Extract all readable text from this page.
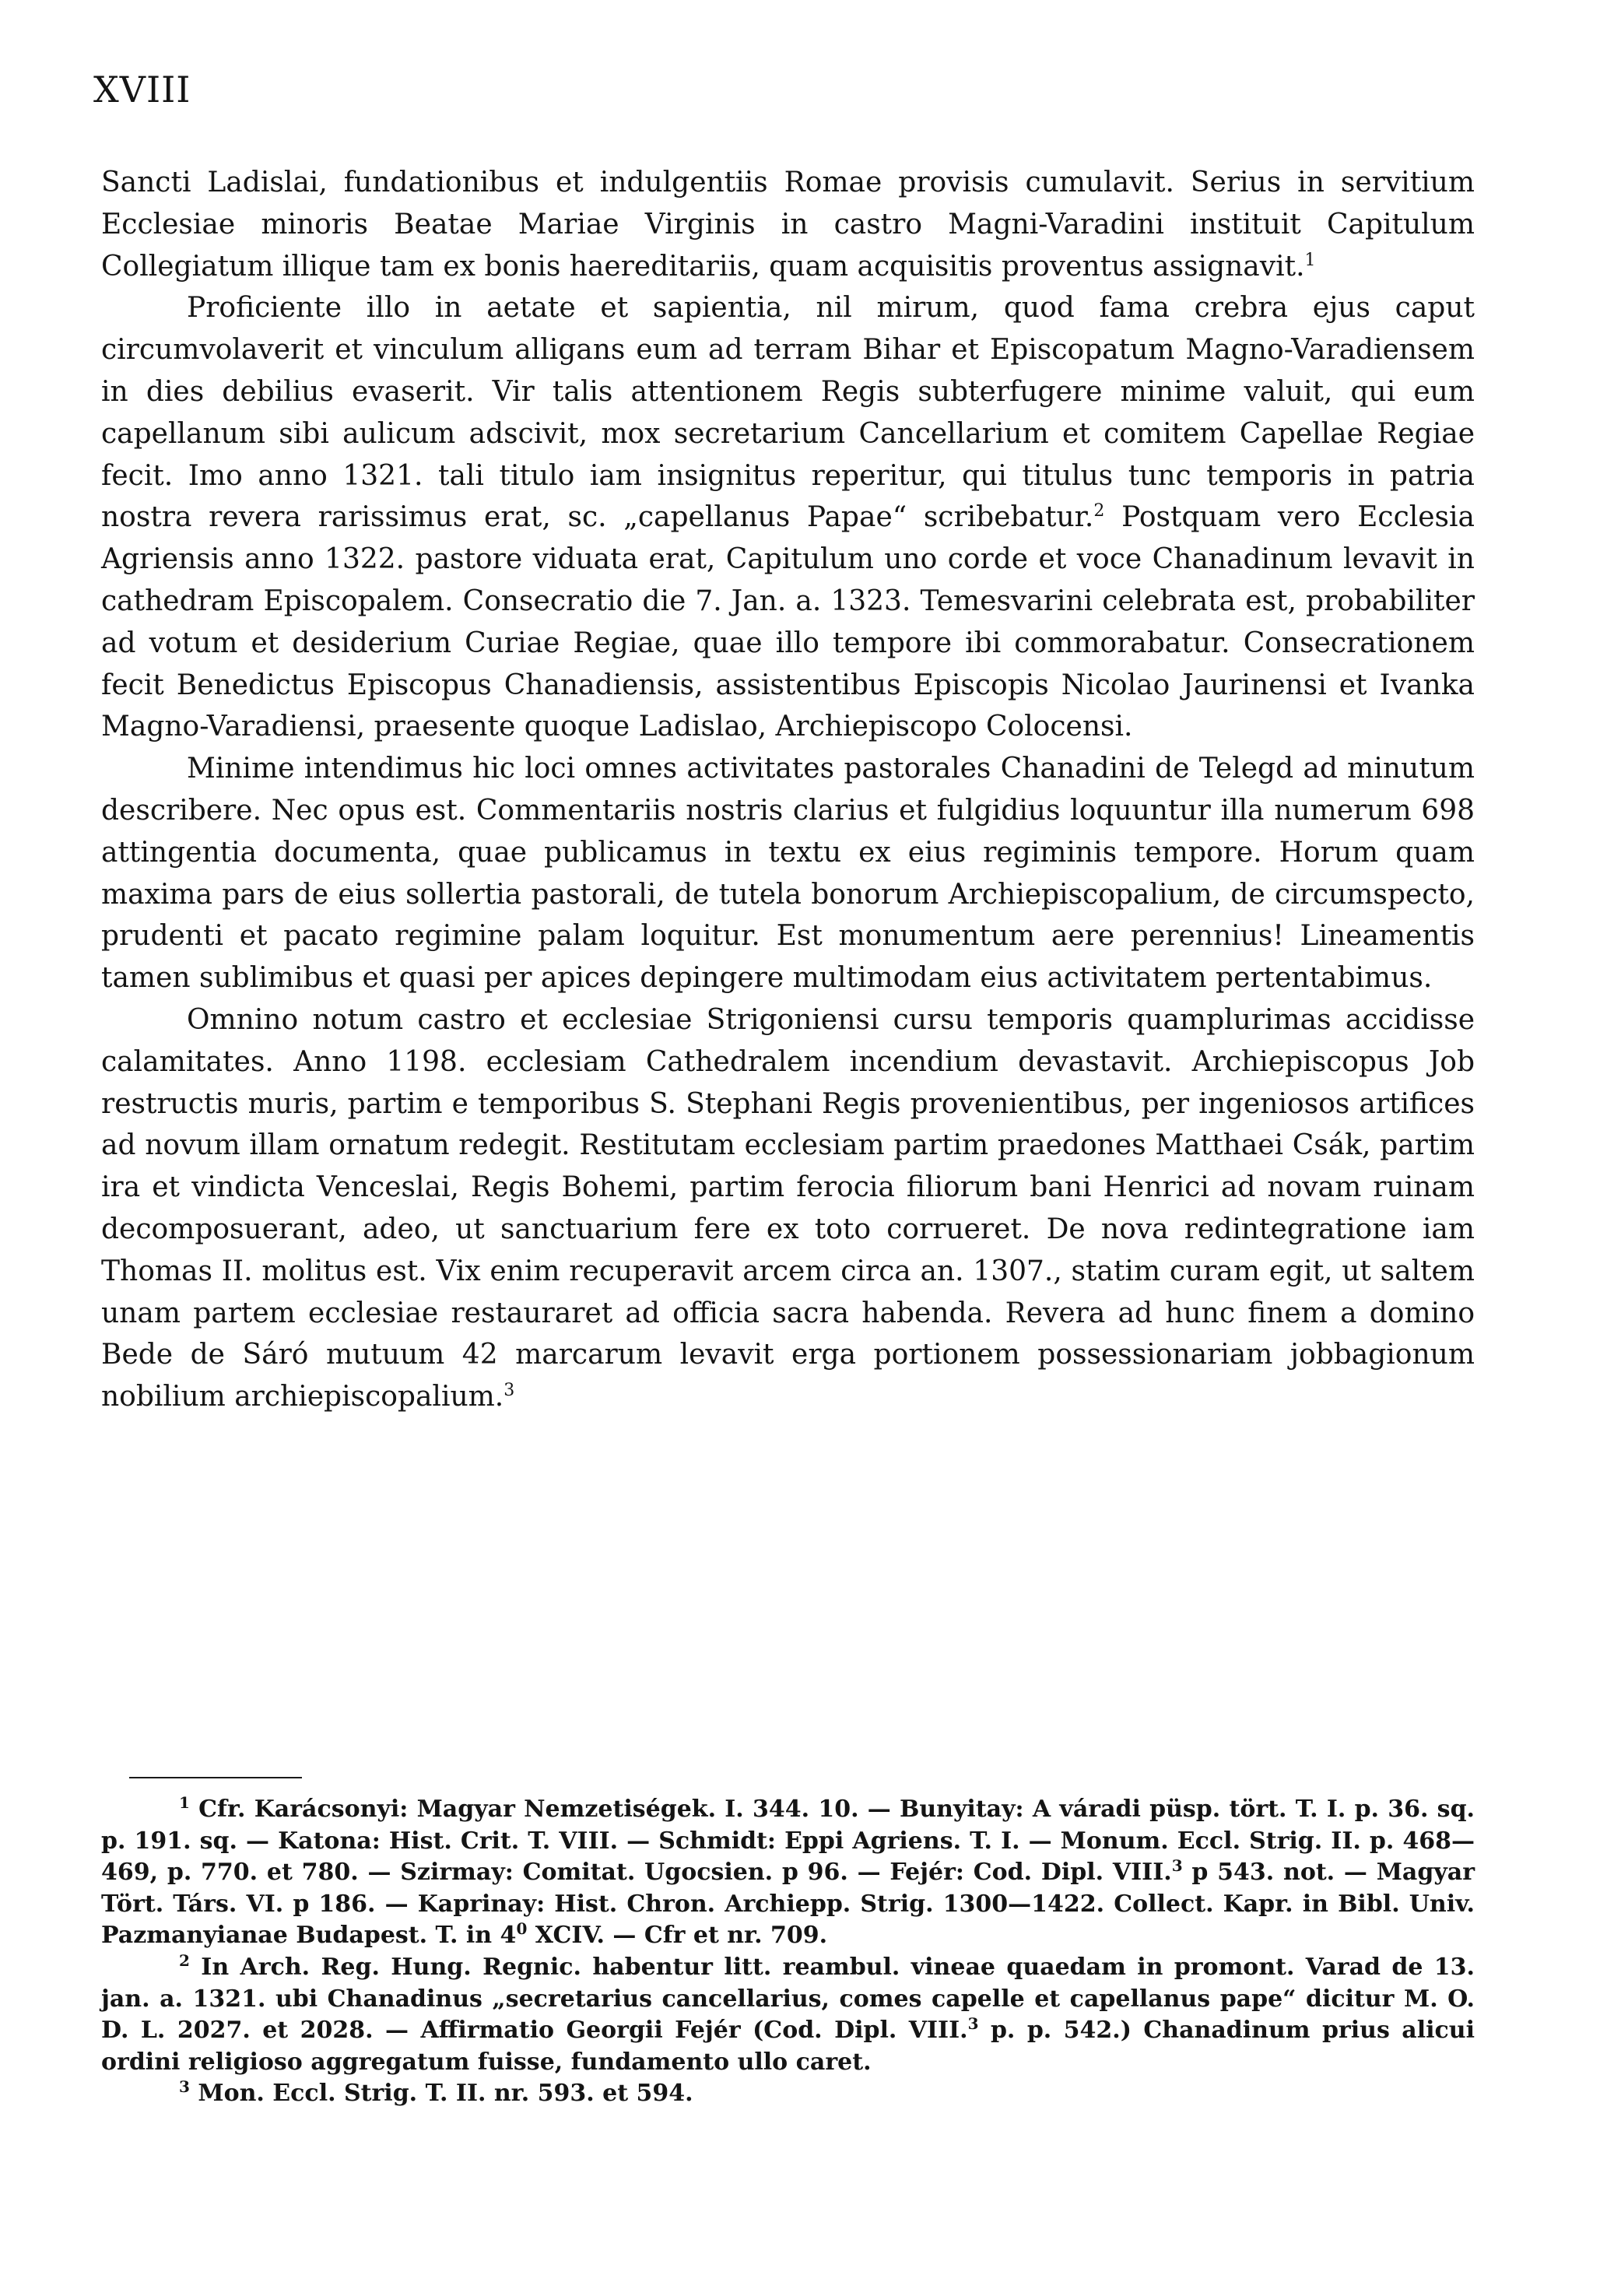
XVIII

Sancti Ladislai, fundationibus et indulgentiis Romae provisis cumulavit. Serius in servitium Ecclesiae minoris Beatae Mariae Virginis in castro Magni-Varadini instituit Capitulum Collegiatum illique tam ex bonis haereditariis, quam acquisitis proventus assignavit.$^1$

Proficiente illo in aetate et sapientia, nil mirum, quod fama crebra ejus caput circumvolaverit et vinculum alligans eum ad terram Bihar et Episcopatum Magno-Varadiensem in dies debilius evaserit. Vir talis attentionem Regis subterfugere minime valuit, qui eum capellanum sibi aulicum adscivit, mox secretarium Cancellarium et comitem Capellae Regiae fecit. Imo anno 1321. tali titulo iam insignitus reperitur, qui titulus tunc temporis in patria nostra revera rarissimus erat, sc. „capellanus Papae“ scribebatur.$^2$ Postquam vero Ecclesia Agriensis anno 1322. pastore viduata erat, Capitulum uno corde et voce Chanadinum levavit in cathedram Episcopalem. Consecratio die 7. Jan. a. 1323. Temesvarini celebrata est, probabiliter ad votum et desiderium Curiae Regiae, quae illo tempore ibi commorabatur. Consecrationem fecit Benedictus Episcopus Chanadiensis, assistentibus Episcopis Nicolao Jaurinensi et Ivanka Magno-Varadiensi, praesente quoque Ladislao, Archiepiscopo Colocensi.

Minime intendimus hic loci omnes activitates pastorales Chanadini de Telegd ad minutum describere. Nec opus est. Commentariis nostris clarius et fulgidius loquuntur illa numerum 698 attingentia documenta, quae publicamus in textu ex eius regiminis tempore. Horum quam maxima pars de eius sollertia pastorali, de tutela bonorum Archiepiscopalium, de circumspecto, prudenti et pacato regimine palam loquitur. Est monumentum aere perennius! Lineamentis tamen sublimibus et quasi per apices depingere multimodam eius activitatem pertentabimus.

Omnino notum castro et ecclesiae Strigoniensi cursu temporis quamplurimas accidisse calamitates. Anno 1198. ecclesiam Cathedralem incendium devastavit. Archiepiscopus Job restructis muris, partim e temporibus S. Stephani Regis provenientibus, per ingeniosos artifices ad novum illam ornatum redegit. Restitutam ecclesiam partim praedones Matthaei Csák, partim ira et vindicta Venceslai, Regis Bohemi, partim ferocia filiorum bani Henrici ad novam ruinam decomposuerant, adeo, ut sanctuarium fere ex toto corrueret. De nova redintegratione iam Thomas II. molitus est. Vix enim recuperavit arcem circa an. 1307., statim curam egit, ut saltem unam partem ecclesiae restauraret ad officia sacra habenda. Revera ad hunc finem a domino Bede de Sáró mutuum 42 marcarum levavit erga portionem possessionariam jobbagionum nobilium archiepiscopalium.$^3$

$^1$ Cfr. Karácsonyi: Magyar Nemzetiségek. I. 344. 10. — Bunyitay: A váradi püsp. tört. T. I. p. 36. sq. p. 191. sq. — Katona: Hist. Crit. T. VIII. — Schmidt: Eppi Agriens. T. I. — Monum. Eccl. Strig. II. p. 468—469, p. 770. et 780. — Szirmay: Comitat. Ugocsien. p 96. — Fejér: Cod. Dipl. VIII.$^3$ p 543. not. — Magyar Tört. Társ. VI. p 186. — Kaprinay: Hist. Chron. Archiepp. Strig. 1300—1422. Collect. Kapr. in Bibl. Univ. Pazmanyianae Budapest. T. in $4^0$ XCIV. — Cfr et nr. 709.

$^2$ In Arch. Reg. Hung. Regnic. habentur litt. reambul. vineae quaedam in promont. Varad de 13. jan. a. 1321. ubi Chanadinus „secretarius cancellarius, comes capelle et capellanus pape“ dicitur M. O. D. L. 2027. et 2028. — Affirmatio Georgii Fejér (Cod. Dipl. VIII.$^3$ p. p. 542.) Chanadinum prius alicui ordini religioso aggregatum fuisse, fundamento ullo caret.

$^3$ Mon. Eccl. Strig. T. II. nr. 593. et 594.
